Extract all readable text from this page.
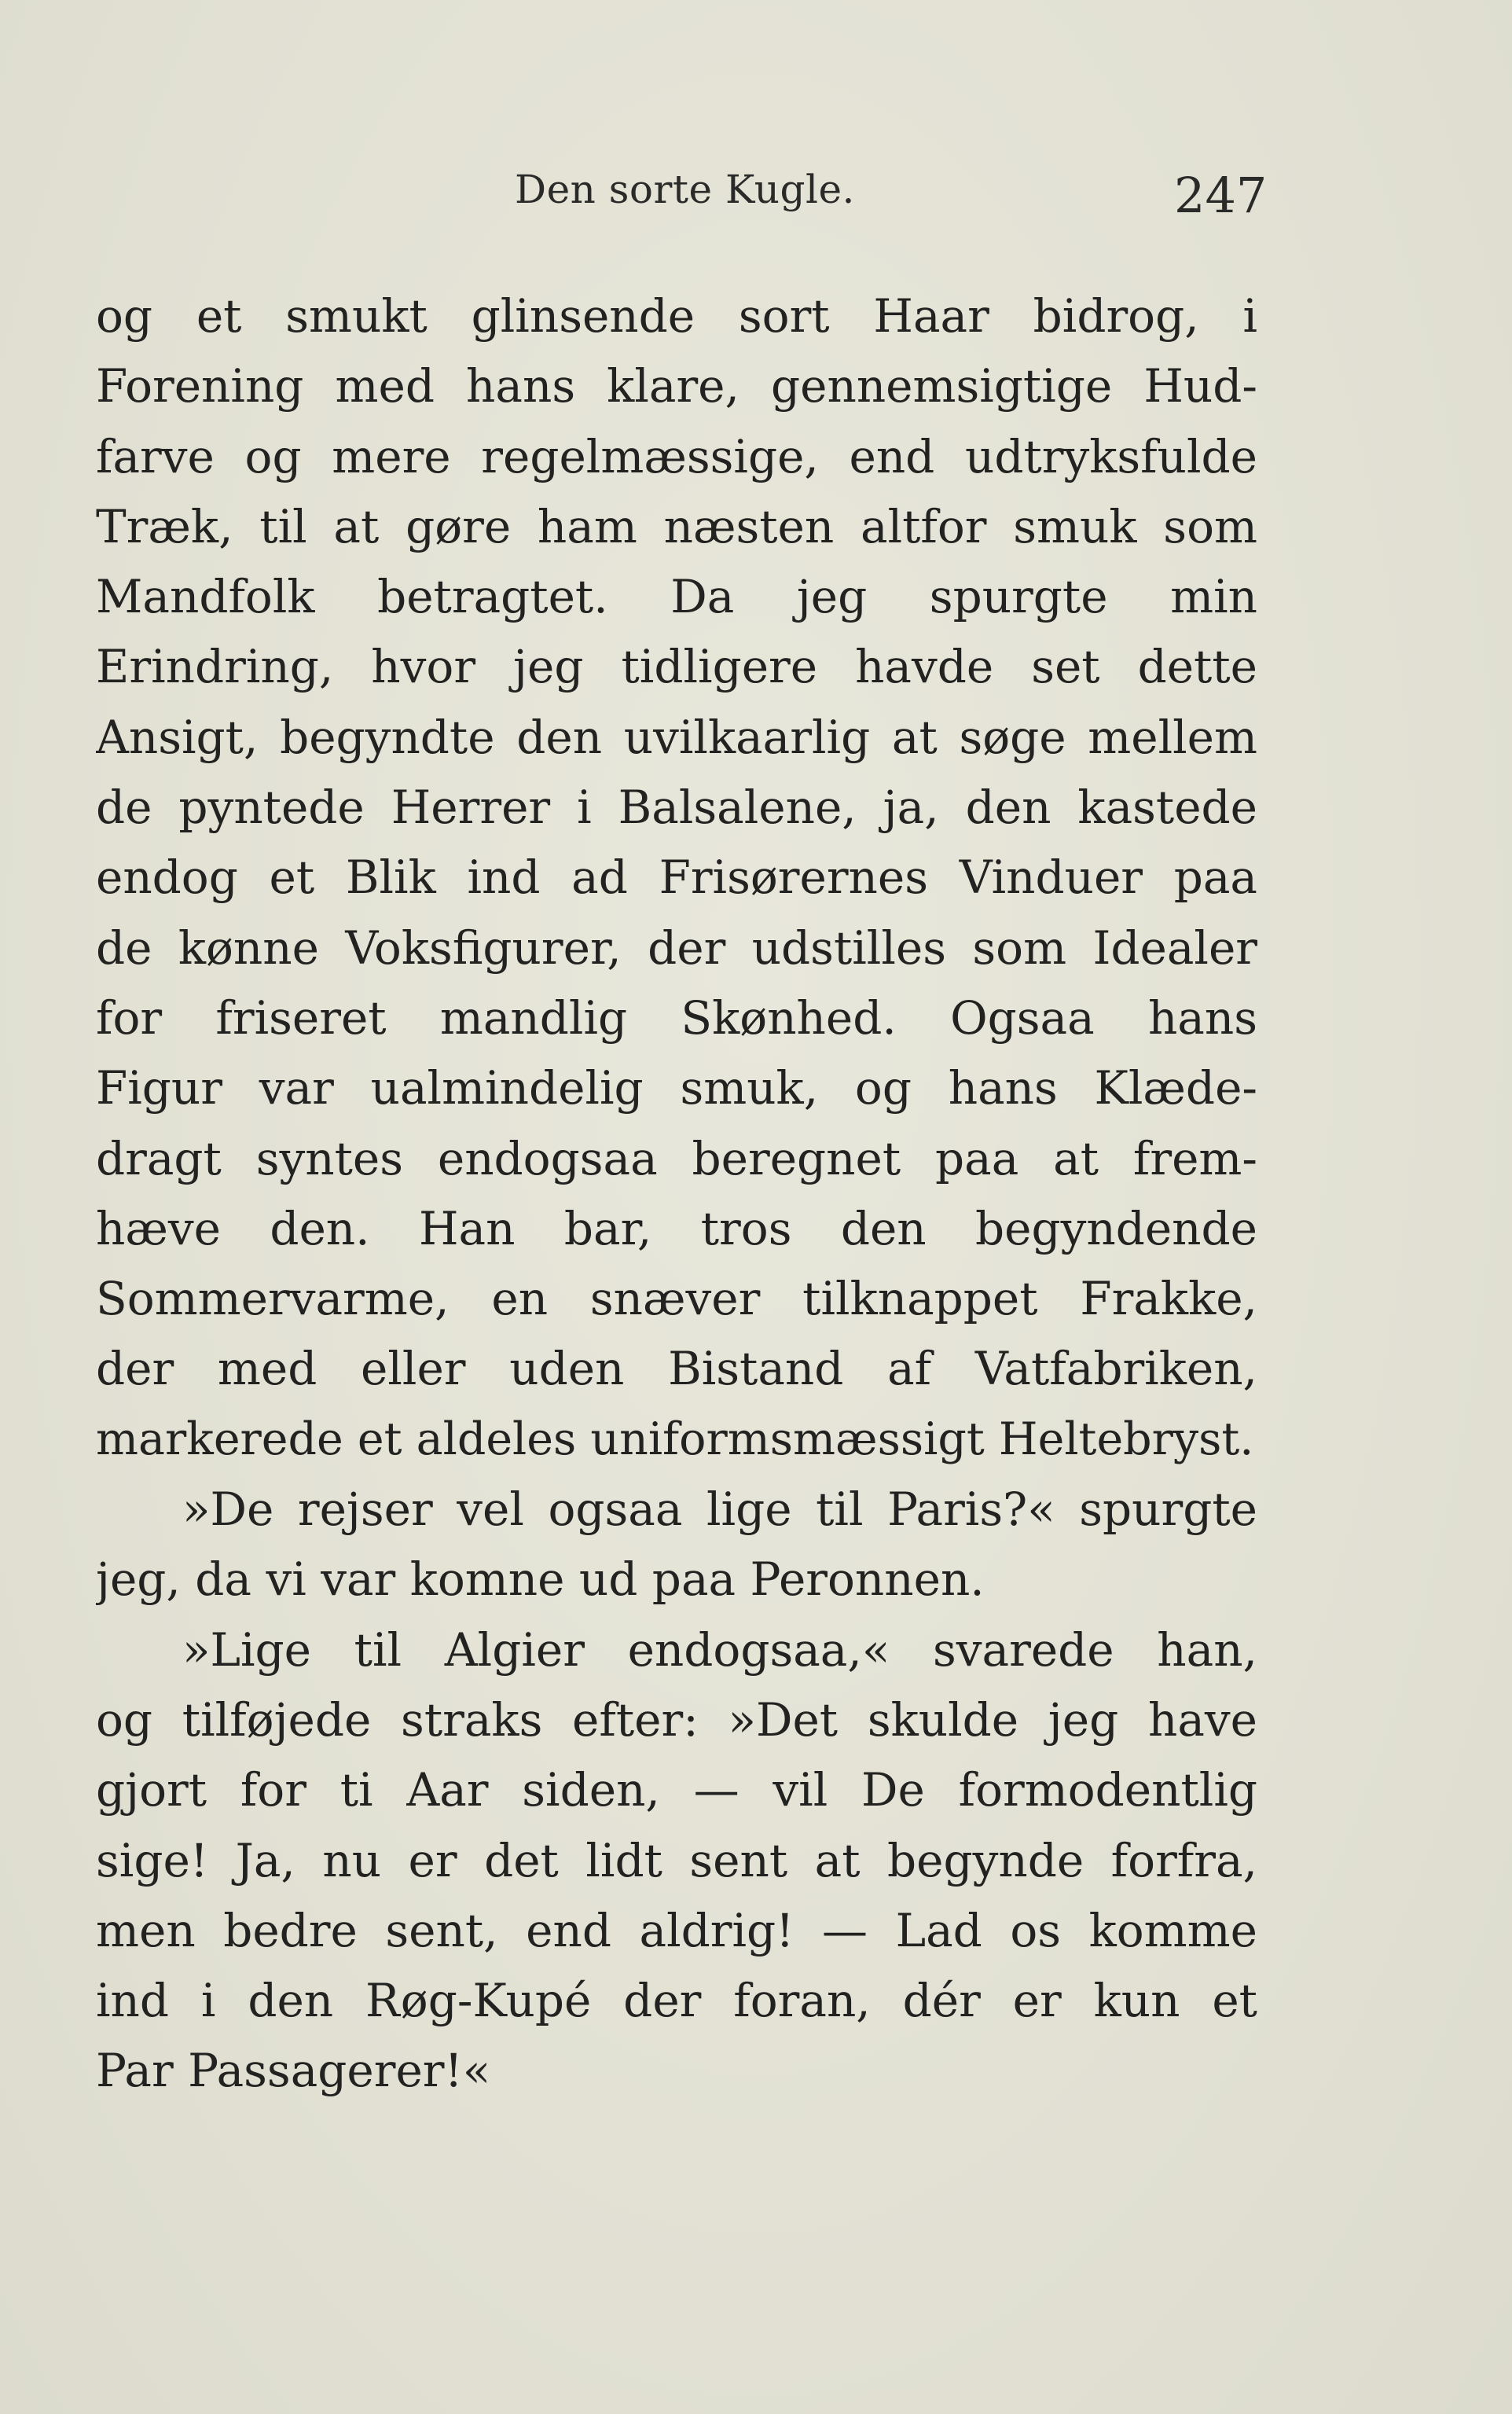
Den sorte Kugle.	247
og et smukt glinsende sort Haar bidrog, i
Forening med hans klare, gennemsigtige Hud-
farve og mere regelmæssige, end udtryksfulde
Træk, til at gøre ham næsten altfor smuk som
Mandfolk betragtet. Da jeg spurgte min
Erindring, hvor jeg tidligere havde set dette
Ansigt, begyndte den uvilkaarlig at søge mellem
de pyntede Herrer i Balsalene, ja, den kastede
endog et Blik ind ad Frisørernes Vinduer paa
de kønne Voksfigurer, der udstilles som Idealer
for friseret mandlig Skønhed. Ogsaa hans
Figur var ualmindelig smuk, og hans Klæde-
dragt syntes endogsaa beregnet paa at frem-
hæve den. Han bar, tros den begyndende
Sommervarme, en snæver tilknappet Frakke,
der med eller uden Bistand af Vatfabriken,
markerede et aldeles uniformsmæssigt Heltebryst.
»De rejser vel ogsaa lige til Paris?« spurgte
jeg, da vi var komne ud paa Peronnen.
»Lige til Algier endogsaa,« svarede han,
og tilføjede straks efter: »Det skulde jeg have
gjort for ti Aar siden, — vil De formodentlig
sige! Ja, nu er det lidt sent at begynde forfra,
men bedre sent, end aldrig! — Lad os komme
ind i den Røg-Kupé der foran, dér er kun et
Par Passagerer!«
